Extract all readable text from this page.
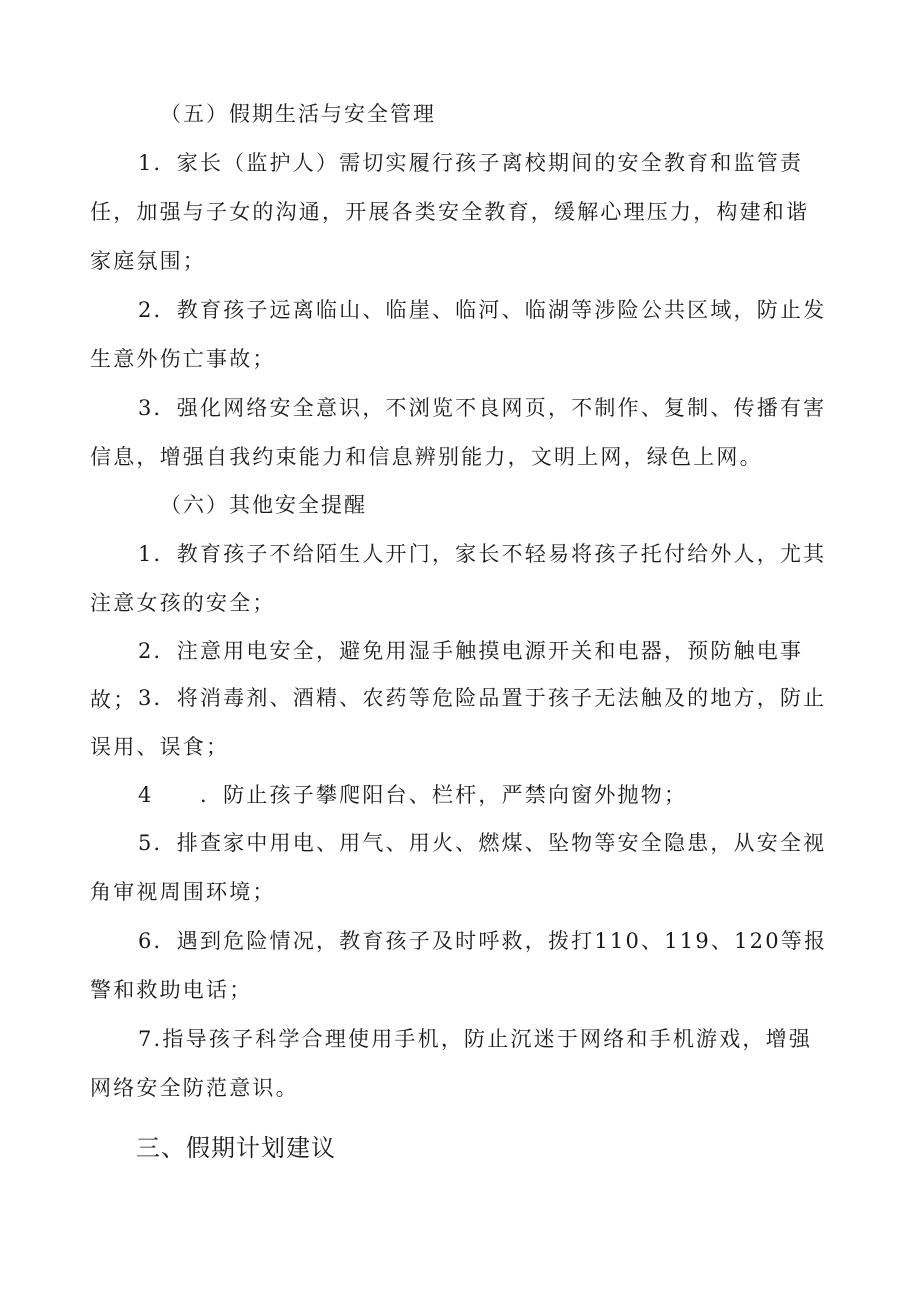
（五）假期生活与安全管理

1．家长（监护人）需切实履行孩子离校期间的安全教育和监管责任，加强与子女的沟通，开展各类安全教育，缓解心理压力，构建和谐家庭氛围；

2．教育孩子远离临山、临崖、临河、临湖等涉险公共区域，防止发生意外伤亡事故；

3．强化网络安全意识，不浏览不良网页，不制作、复制、传播有害信息，增强自我约束能力和信息辨别能力，文明上网，绿色上网。

（六）其他安全提醒

1．教育孩子不给陌生人开门，家长不轻易将孩子托付给外人，尤其注意女孩的安全；

2．注意用电安全，避免用湿手触摸电源开关和电器，预防触电事故； 3．将消毒剂、酒精、农药等危险品置于孩子无法触及的地方，防止误用、误食；

4　　．防止孩子攀爬阳台、栏杆，严禁向窗外抛物；

5．排查家中用电、用气、用火、燃煤、坠物等安全隐患，从安全视角审视周围环境；

6．遇到危险情况，教育孩子及时呼救，拨打110、119、120等报警和救助电话；

7.指导孩子科学合理使用手机，防止沉迷于网络和手机游戏，增强网络安全防范意识。

三、假期计划建议
